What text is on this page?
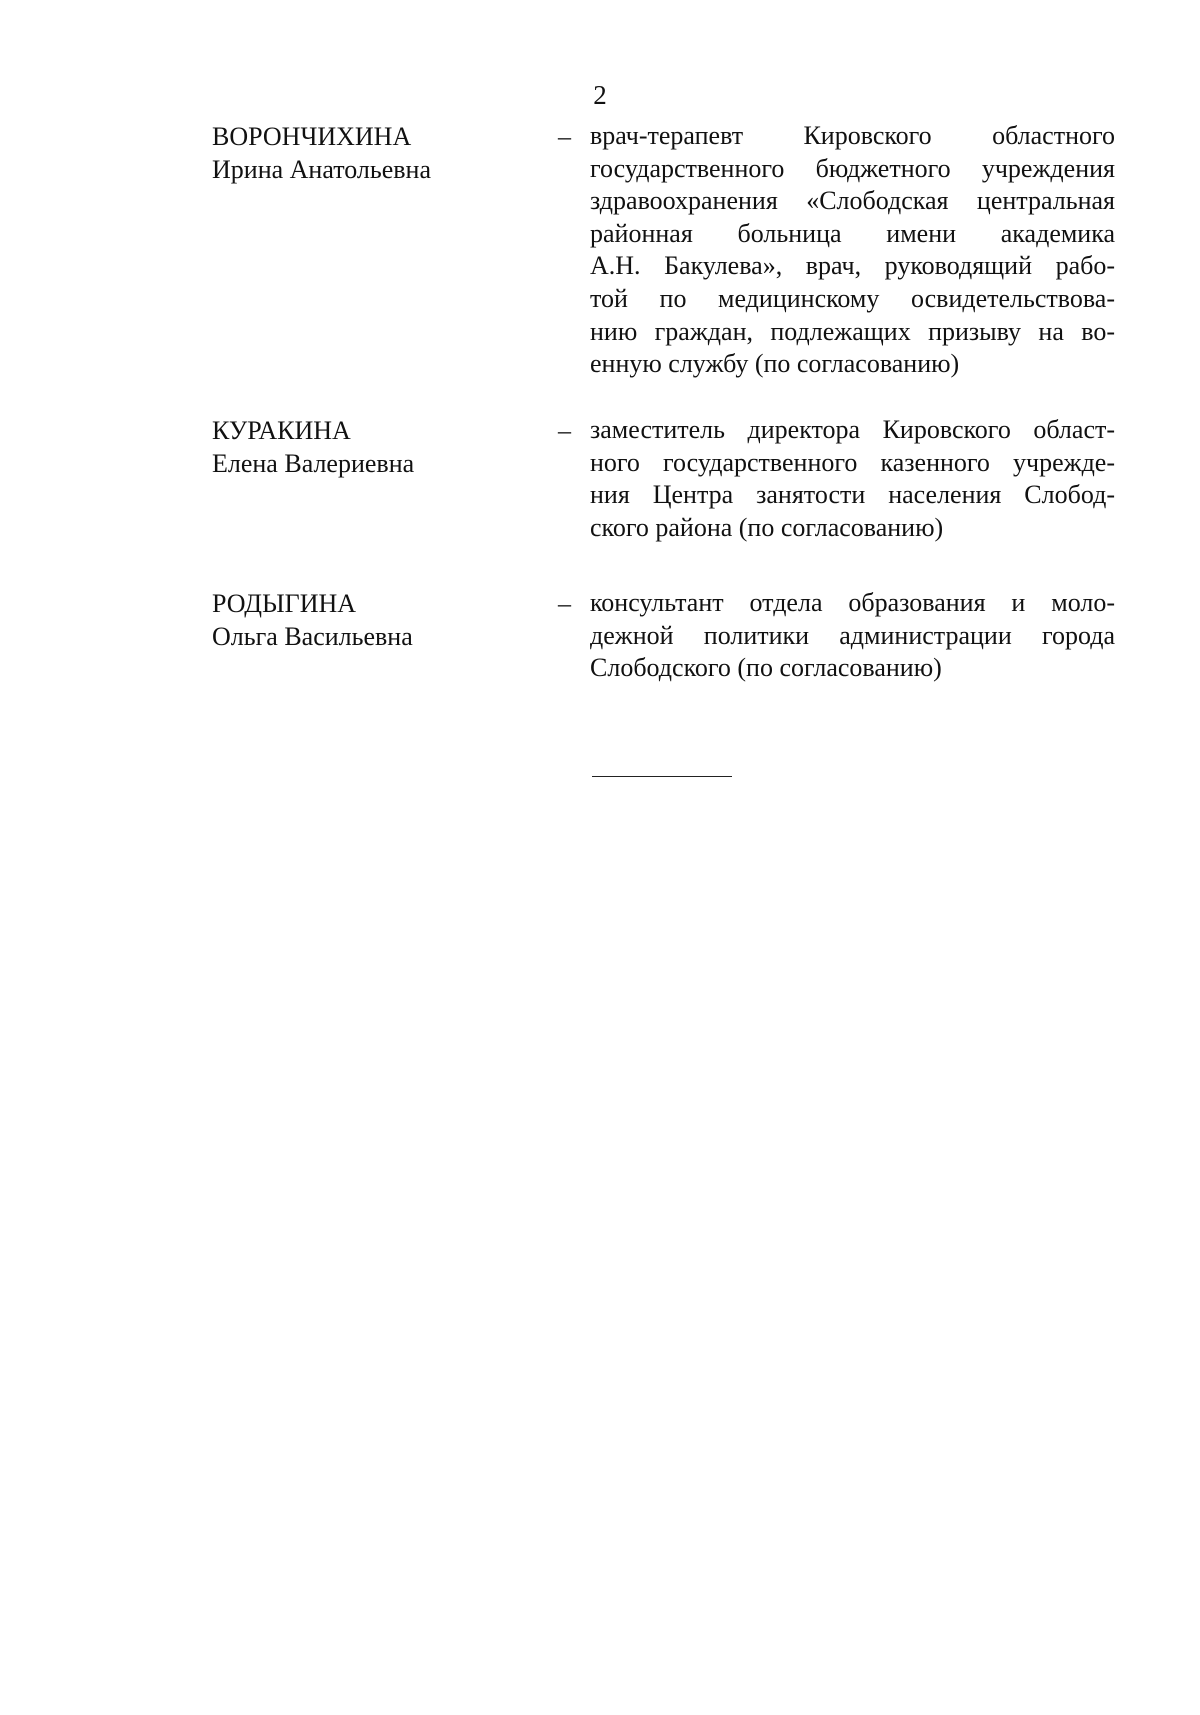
2
ВОРОНЧИХИНА
Ирина Анатольевна
– врач-терапевт Кировского областного
государственного бюджетного учреждения
здравоохранения «Слободская центральная
районная больница имени академика
А.Н. Бакулева», врач, руководящий рабо-
той по медицинскому освидетельствова-
нию граждан, подлежащих призыву на во-
енную службу (по согласованию)
КУРАКИНА
Елена Валериевна
– заместитель директора Кировского област-
ного государственного казенного учрежде-
ния Центра занятости населения Слобод-
ского района (по согласованию)
РОДЫГИНА
Ольга Васильевна
– консультант отдела образования и моло-
дежной политики администрации города
Слободского (по согласованию)
